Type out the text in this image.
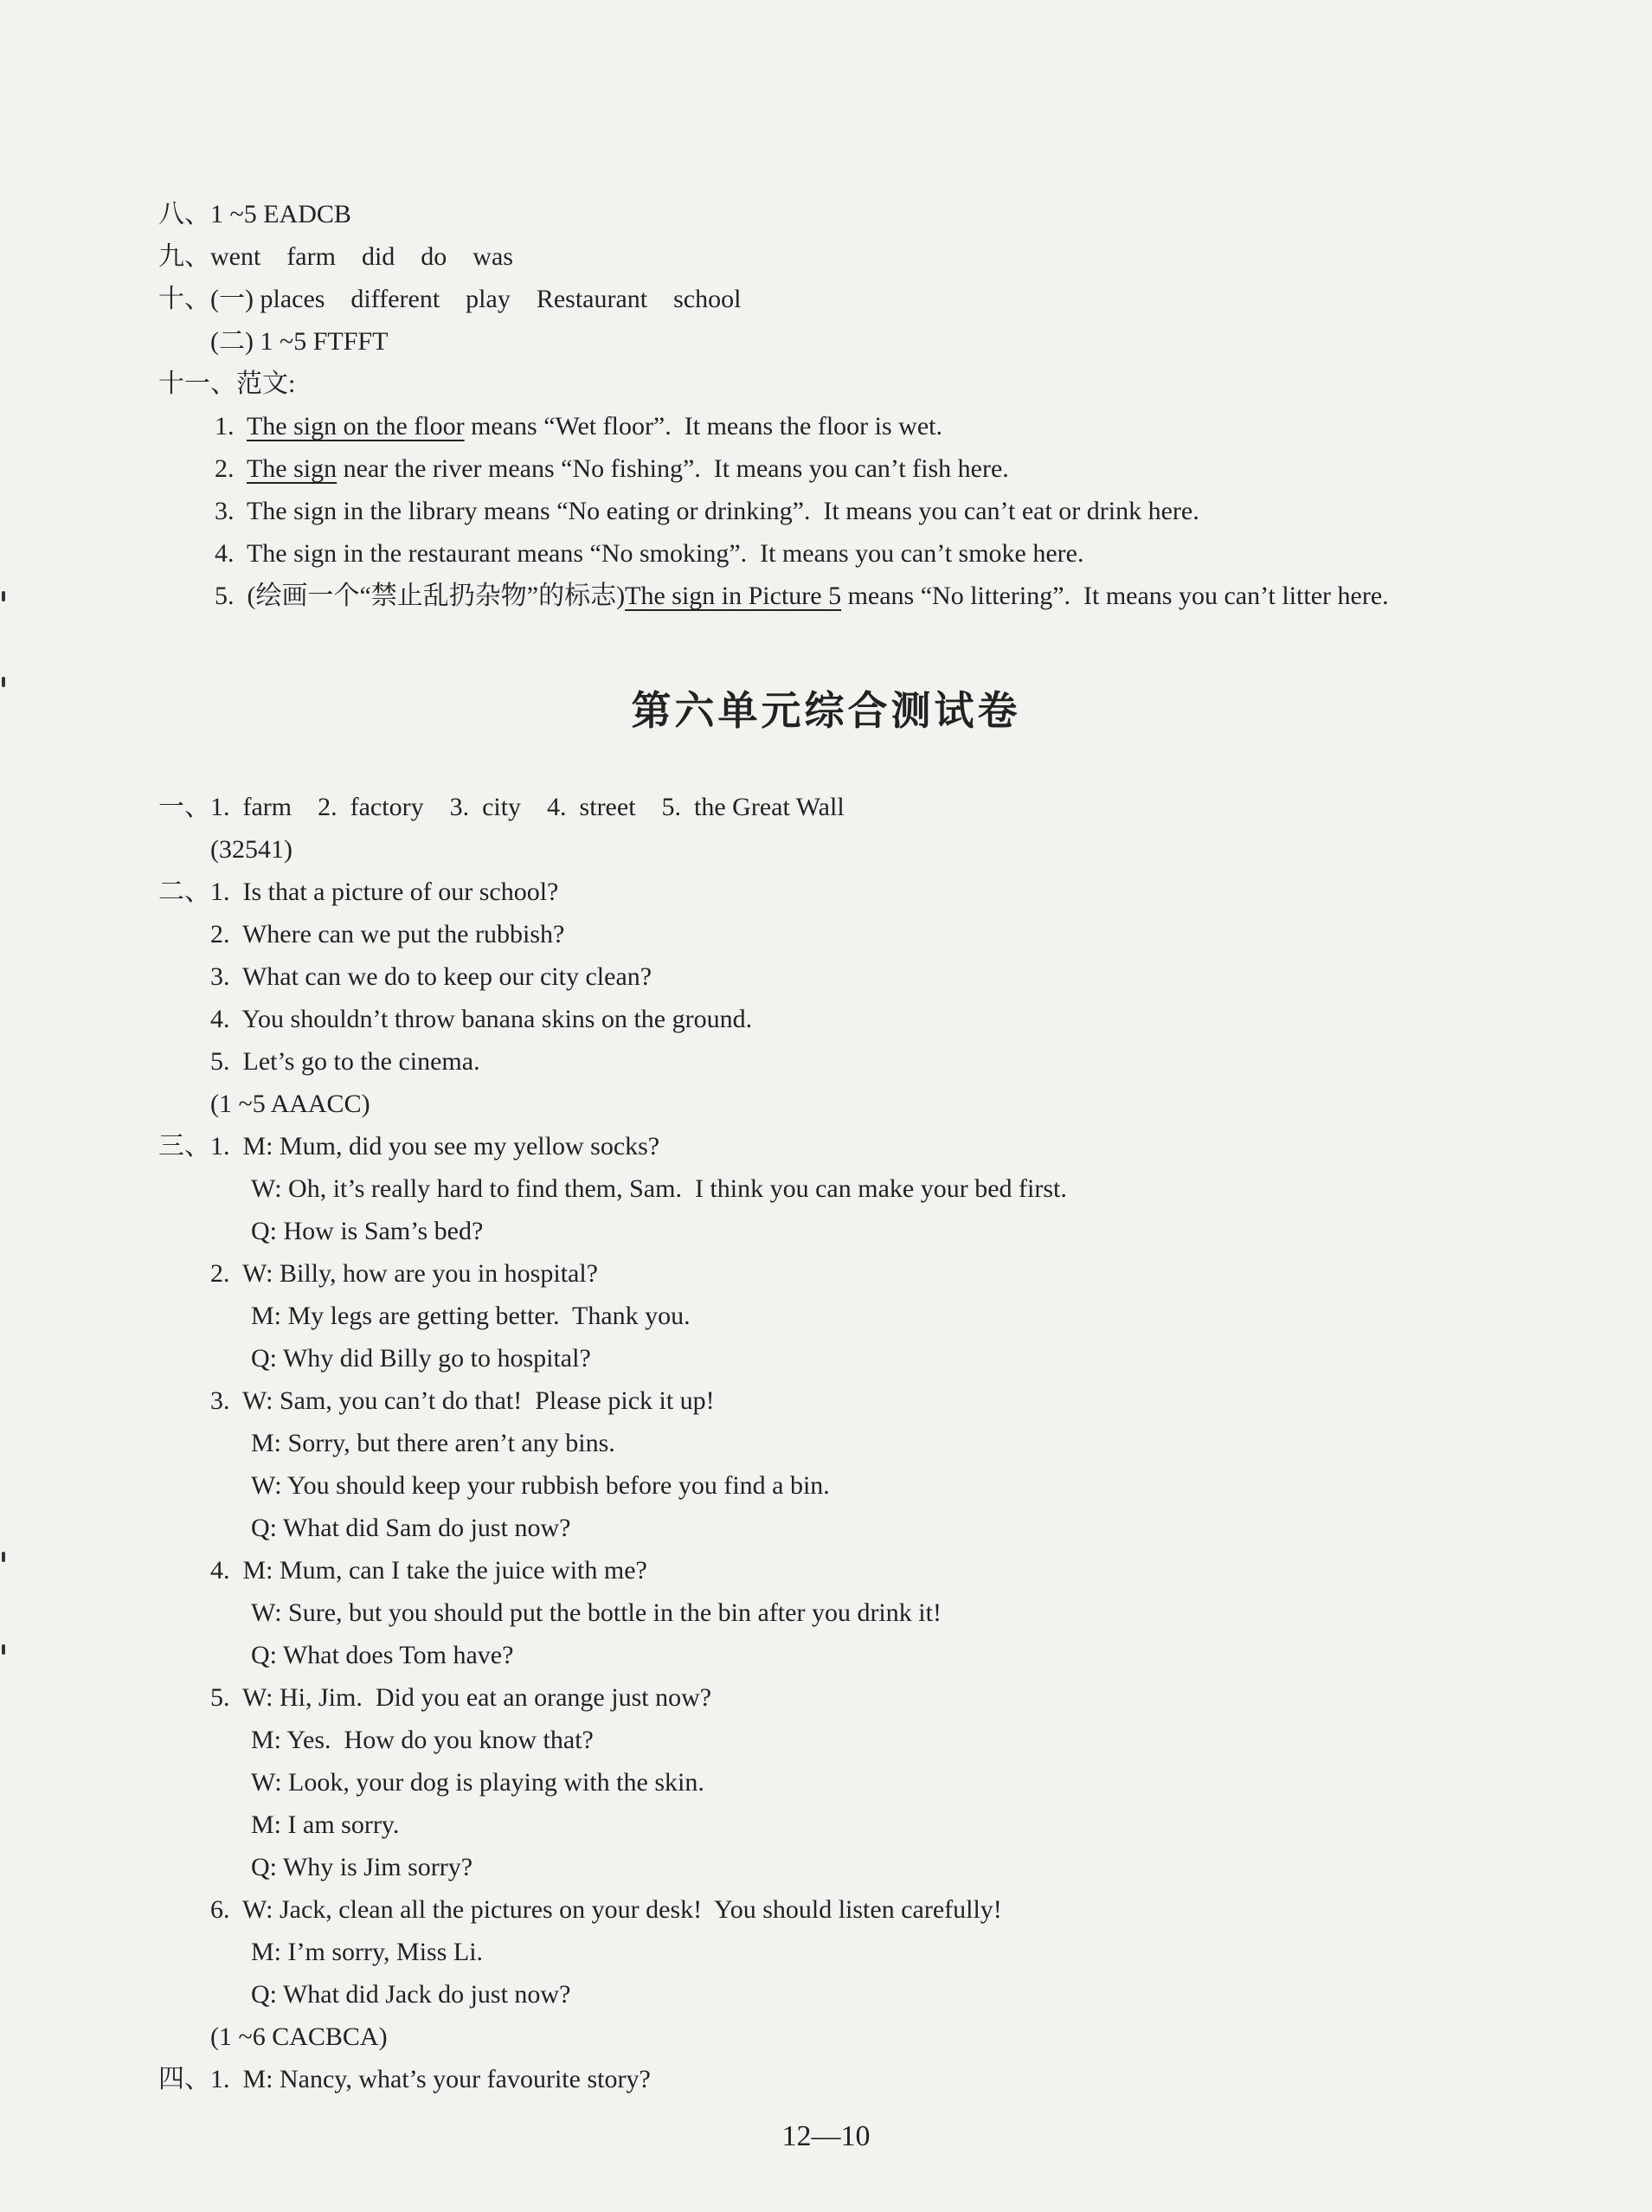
八、1 ~5 EADCB
九、went    farm    did    do    was
十、(一) places    different    play    Restaurant    school
(二) 1 ~5 FTFFT
十一、范文:
1.  The sign on the floor means “Wet floor”.  It means the floor is wet.
2.  The sign near the river means “No fishing”.  It means you can’t fish here.
3.  The sign in the library means “No eating or drinking”.  It means you can’t eat or drink here.
4.  The sign in the restaurant means “No smoking”.  It means you can’t smoke here.
5.  (绘画一个“禁止乱扔杂物”的标志)The sign in Picture 5 means “No littering”.  It means you can’t litter here.
第六单元综合测试卷
一、1.  farm    2.  factory    3.  city    4.  street    5.  the Great Wall
(32541)
二、1.  Is that a picture of our school?
2.  Where can we put the rubbish?
3.  What can we do to keep our city clean?
4.  You shouldn’t throw banana skins on the ground.
5.  Let’s go to the cinema.
(1 ~5 AAACC)
三、1.  M: Mum, did you see my yellow socks?
W: Oh, it’s really hard to find them, Sam.  I think you can make your bed first.
Q: How is Sam’s bed?
2.  W: Billy, how are you in hospital?
M: My legs are getting better.  Thank you.
Q: Why did Billy go to hospital?
3.  W: Sam, you can’t do that!  Please pick it up!
M: Sorry, but there aren’t any bins.
W: You should keep your rubbish before you find a bin.
Q: What did Sam do just now?
4.  M: Mum, can I take the juice with me?
W: Sure, but you should put the bottle in the bin after you drink it!
Q: What does Tom have?
5.  W: Hi, Jim.  Did you eat an orange just now?
M: Yes.  How do you know that?
W: Look, your dog is playing with the skin.
M: I am sorry.
Q: Why is Jim sorry?
6.  W: Jack, clean all the pictures on your desk!  You should listen carefully!
M: I’m sorry, Miss Li.
Q: What did Jack do just now?
(1 ~6 CACBCA)
四、1.  M: Nancy, what’s your favourite story?
12—10
